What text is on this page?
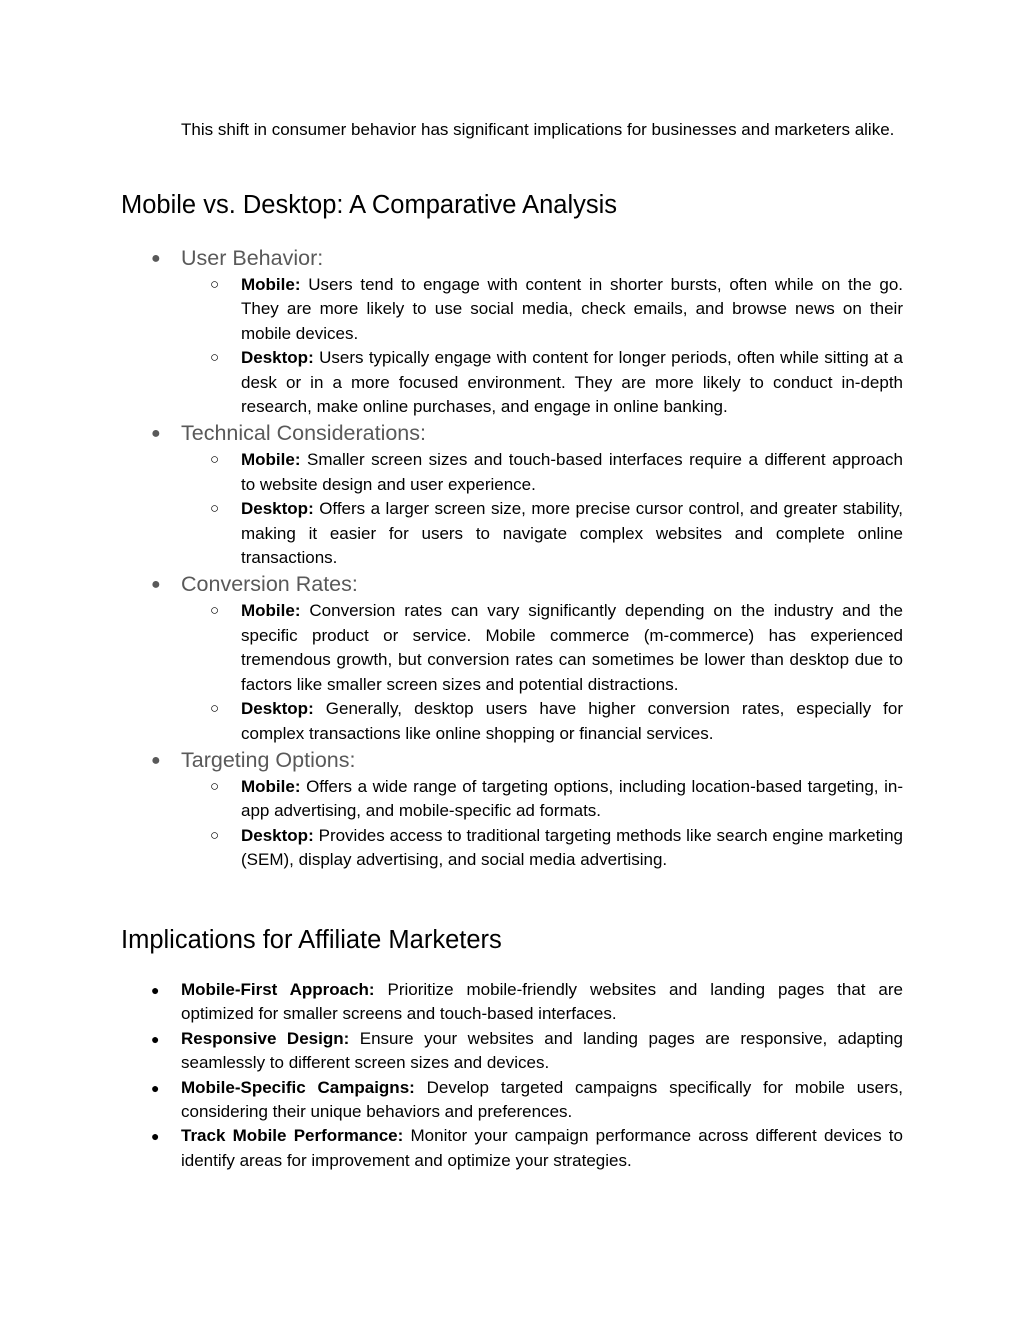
This shift in consumer behavior has significant implications for businesses and marketers alike.

Mobile vs. Desktop: A Comparative Analysis
● User Behavior:

○ Mobile: Users tend to engage with content in shorter bursts, often while on the go. They are more likely to use social media, check emails, and browse news on their mobile devices.

○ Desktop: Users typically engage with content for longer periods, often while sitting at a desk or in a more focused environment. They are more likely to conduct in-depth research, make online purchases, and engage in online banking.

● Technical Considerations:

○ Mobile: Smaller screen sizes and touch-based interfaces require a different approach to website design and user experience.

○ Desktop: Offers a larger screen size, more precise cursor control, and greater stability, making it easier for users to navigate complex websites and complete online transactions.

● Conversion Rates:

○ Mobile: Conversion rates can vary significantly depending on the industry and the specific product or service. Mobile commerce (m-commerce) has experienced tremendous growth, but conversion rates can sometimes be lower than desktop due to factors like smaller screen sizes and potential distractions.

○ Desktop: Generally, desktop users have higher conversion rates, especially for complex transactions like online shopping or financial services.

● Targeting Options:

○ Mobile: Offers a wide range of targeting options, including location-based targeting, in-app advertising, and mobile-specific ad formats.

○ Desktop: Provides access to traditional targeting methods like search engine marketing (SEM), display advertising, and social media advertising.

Implications for Affiliate Marketers

● Mobile-First Approach: Prioritize mobile-friendly websites and landing pages that are optimized for smaller screens and touch-based interfaces.

● Responsive Design: Ensure your websites and landing pages are responsive, adapting seamlessly to different screen sizes and devices.

● Mobile-Specific Campaigns: Develop targeted campaigns specifically for mobile users, considering their unique behaviors and preferences.

● Track Mobile Performance: Monitor your campaign performance across different devices to identify areas for improvement and optimize your strategies.
